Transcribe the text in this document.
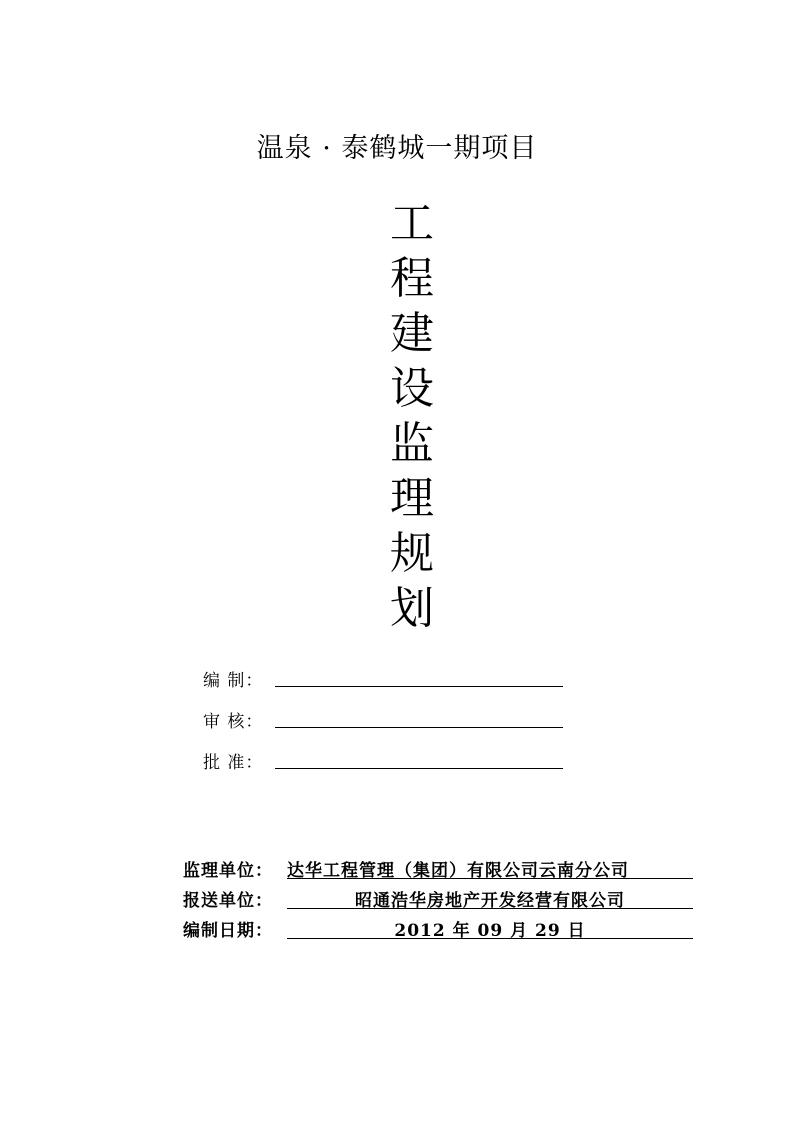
温泉 · 泰鹤城一期项目
工
程
建
设
监
理
规
划
编 制：
审 核：
批 准：
监理单位： 达华工程管理（集团）有限公司云南分公司
报送单位：	昭通浩华房地产开发经营有限公司
编制日期：	2012 年 09 月 29 日
